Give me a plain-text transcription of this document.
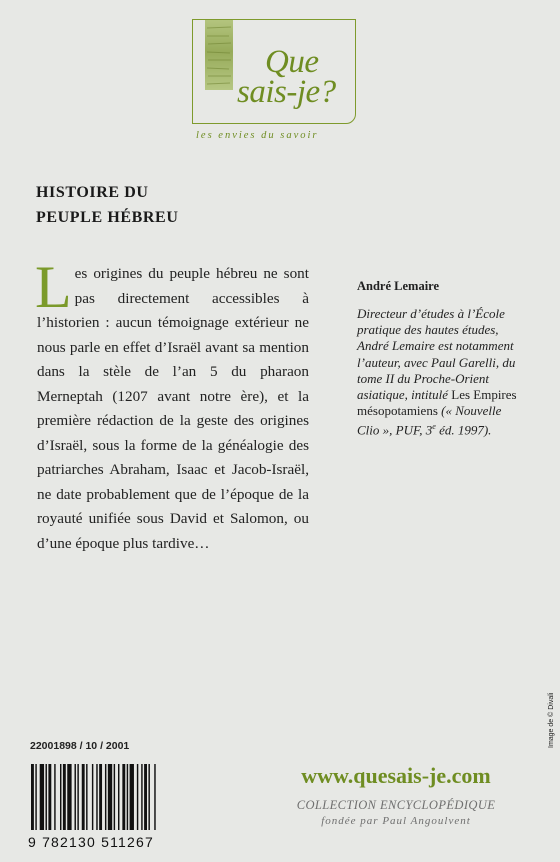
Que
sais-je?
les envies du savoir
HISTOIRE DU
PEUPLE HÉBREU
Les origines du peuple hébreu ne sont pas directement accessibles à l’historien : aucun témoignage extérieur ne nous parle en effet d’Israël avant sa mention dans la stèle de l’an 5 du pharaon Merneptah (1207 avant notre ère), et la première rédaction de la geste des origines d’Israël, sous la forme de la généalogie des patriarches Abraham, Isaac et Jacob-Israël, ne date probablement que de l’époque de la royauté unifiée sous David et Salomon, ou d’une époque plus tardive…
André Lemaire
Directeur d’études à l’École pratique des hautes études, André Lemaire est notamment l’auteur, avec Paul Garelli, du tome II du Proche-Orient asiatique, intitulé Les Empires mésopotamiens (« Nouvelle Clio », PUF, 3e éd. 1997).
22001898 / 10 / 2001
9 782130 511267
www.quesais-je.com
COLLECTION ENCYCLOPÉDIQUE
fondée par Paul Angoulvent
Image de © Divali
